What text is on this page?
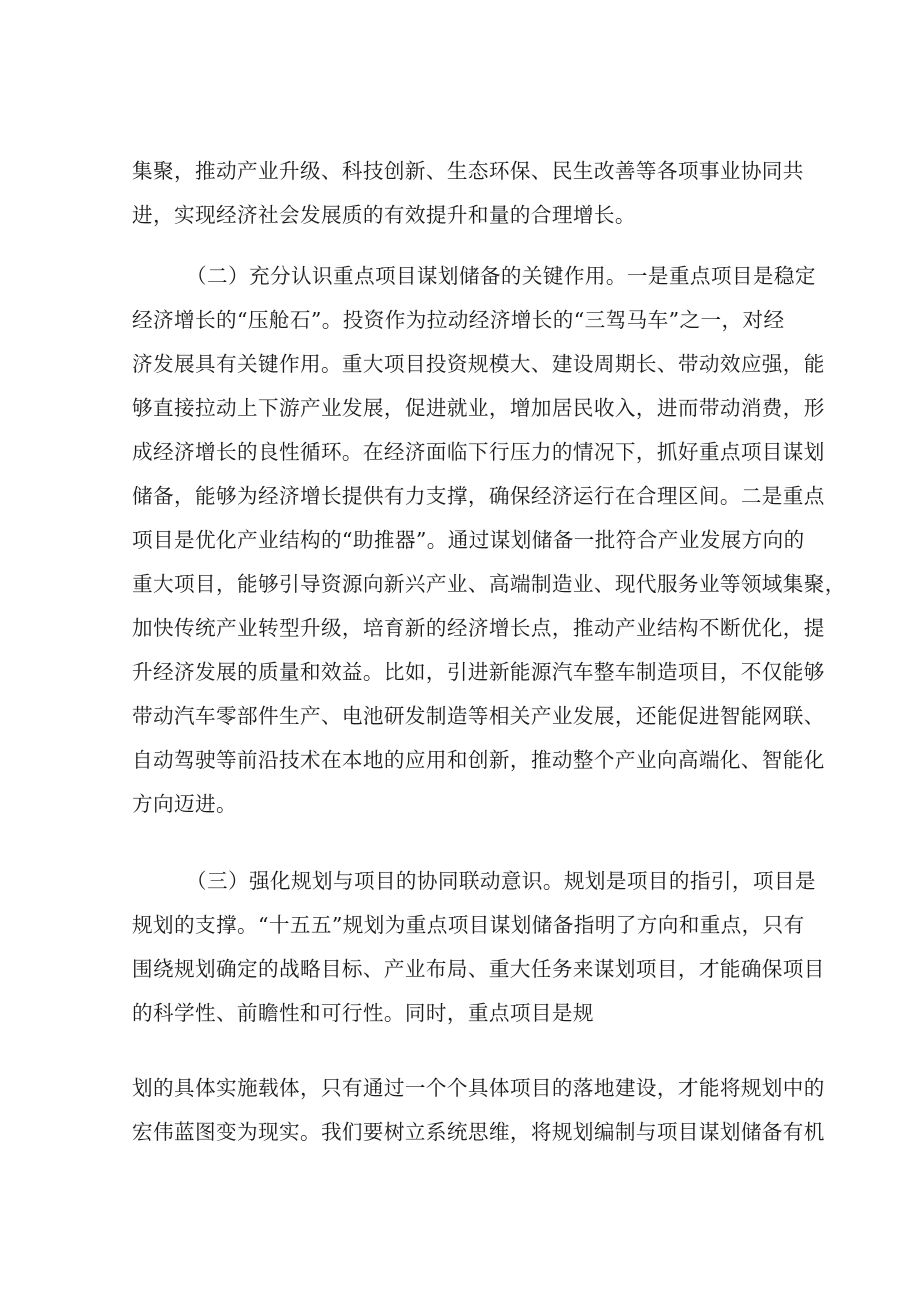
集聚，推动产业升级、科技创新、生态环保、民生改善等各项事业协同共
进，实现经济社会发展质的有效提升和量的合理增长。
（二）充分认识重点项目谋划储备的关键作用。一是重点项目是稳定
经济增长的“压舱石”。投资作为拉动经济增长的“三驾马车”之一，对经
济发展具有关键作用。重大项目投资规模大、建设周期长、带动效应强，能
够直接拉动上下游产业发展，促进就业，增加居民收入，进而带动消费，形
成经济增长的良性循环。在经济面临下行压力的情况下，抓好重点项目谋划
储备，能够为经济增长提供有力支撑，确保经济运行在合理区间。二是重点
项目是优化产业结构的“助推器”。通过谋划储备一批符合产业发展方向的
重大项目，能够引导资源向新兴产业、高端制造业、现代服务业等领域集聚，
加快传统产业转型升级，培育新的经济增长点，推动产业结构不断优化，提
升经济发展的质量和效益。比如，引进新能源汽车整车制造项目，不仅能够
带动汽车零部件生产、电池研发制造等相关产业发展，还能促进智能网联、
自动驾驶等前沿技术在本地的应用和创新，推动整个产业向高端化、智能化
方向迈进。
（三）强化规划与项目的协同联动意识。规划是项目的指引，项目是
规划的支撑。“十五五”规划为重点项目谋划储备指明了方向和重点，只有
围绕规划确定的战略目标、产业布局、重大任务来谋划项目，才能确保项目
的科学性、前瞻性和可行性。同时，重点项目是规
划的具体实施载体，只有通过一个个具体项目的落地建设，才能将规划中的
宏伟蓝图变为现实。我们要树立系统思维，将规划编制与项目谋划储备有机
